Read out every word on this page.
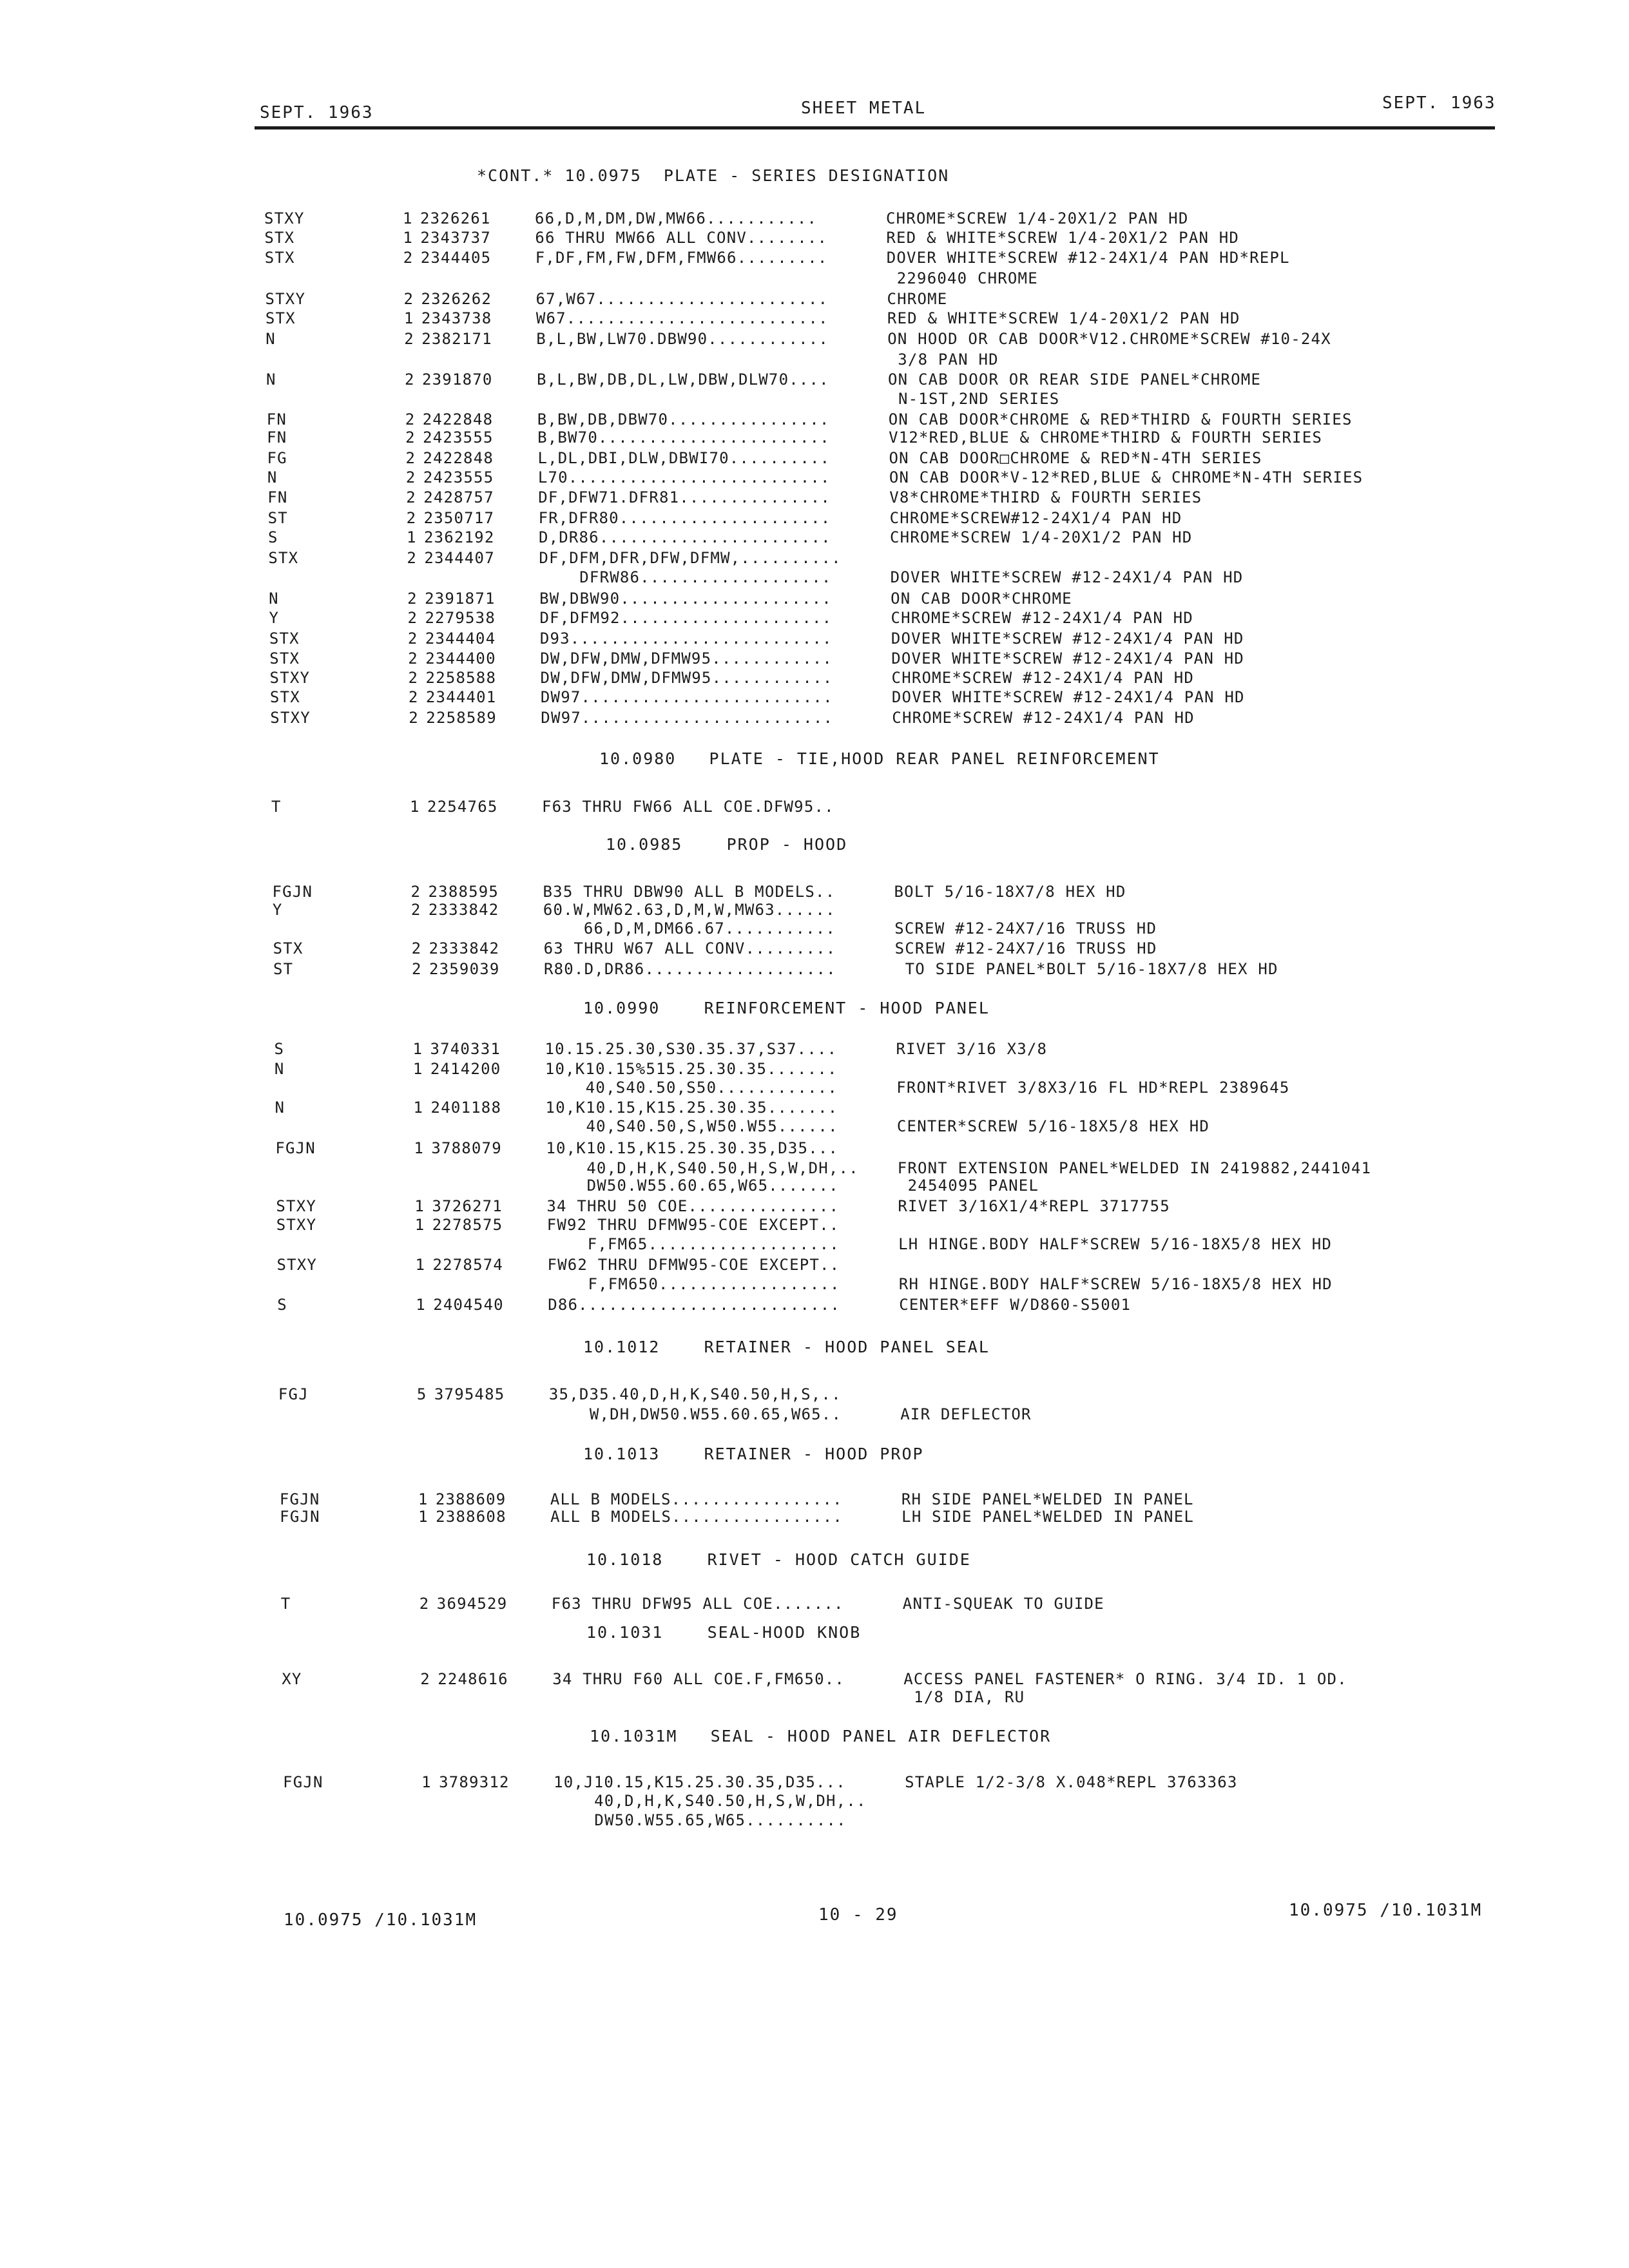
SEPT. 1963	SHEET METAL	SEPT. 1963
*CONT.* 10.0975  PLATE - SERIES DESIGNATION
STXY	1 2326261	66,D,M,DM,DW,MW66...........	CHROME*SCREW 1/4-20X1/2 PAN HD
STX	1 2343737	66 THRU MW66 ALL CONV........	RED & WHITE*SCREW 1/4-20X1/2 PAN HD
STX	2 2344405	F,DF,FM,FW,DFM,FMW66.........	DOVER WHITE*SCREW #12-24X1/4 PAN HD*REPL
2296040 CHROME
STXY	2 2326262	67,W67.......................	CHROME
STX	1 2343738	W67..........................	RED & WHITE*SCREW 1/4-20X1/2 PAN HD
N	2 2382171	B,L,BW,LW70.DBW90............	ON HOOD OR CAB DOOR*V12.CHROME*SCREW #10-24X
3/8 PAN HD
N	2 2391870	B,L,BW,DB,DL,LW,DBW,DLW70....	ON CAB DOOR OR REAR SIDE PANEL*CHROME
N-1ST,2ND SERIES
FN	2 2422848	B,BW,DB,DBW70................	ON CAB DOOR*CHROME & RED*THIRD & FOURTH SERIES
FN	2 2423555	B,BW70.......................	V12*RED,BLUE & CHROME*THIRD & FOURTH SERIES
FG	2 2422848	L,DL,DBI,DLW,DBWI70..........	ON CAB DOOR□CHROME & RED*N-4TH SERIES
N	2 2423555	L70..........................	ON CAB DOOR*V-12*RED,BLUE & CHROME*N-4TH SERIES
FN	2 2428757	DF,DFW71.DFR81...............	V8*CHROME*THIRD & FOURTH SERIES
ST	2 2350717	FR,DFR80.....................	CHROME*SCREW#12-24X1/4 PAN HD
S	1 2362192	D,DR86.......................	CHROME*SCREW 1/4-20X1/2 PAN HD
STX	2 2344407	DF,DFM,DFR,DFW,DFMW,..........
DFRW86...................	DOVER WHITE*SCREW #12-24X1/4 PAN HD
N	2 2391871	BW,DBW90.....................	ON CAB DOOR*CHROME
Y	2 2279538	DF,DFM92.....................	CHROME*SCREW #12-24X1/4 PAN HD
STX	2 2344404	D93..........................	DOVER WHITE*SCREW #12-24X1/4 PAN HD
STX	2 2344400	DW,DFW,DMW,DFMW95............	DOVER WHITE*SCREW #12-24X1/4 PAN HD
STXY	2 2258588	DW,DFW,DMW,DFMW95............	CHROME*SCREW #12-24X1/4 PAN HD
STX	2 2344401	DW97.........................	DOVER WHITE*SCREW #12-24X1/4 PAN HD
STXY	2 2258589	DW97.........................	CHROME*SCREW #12-24X1/4 PAN HD
10.0980   PLATE - TIE,HOOD REAR PANEL REINFORCEMENT
T	1 2254765	F63 THRU FW66 ALL COE.DFW95..
10.0985    PROP - HOOD
FGJN	2 2388595	B35 THRU DBW90 ALL B MODELS..	BOLT 5/16-18X7/8 HEX HD
Y	2 2333842	60.W,MW62.63,D,M,W,MW63......
66,D,M,DM66.67...........	SCREW #12-24X7/16 TRUSS HD
STX	2 2333842	63 THRU W67 ALL CONV.........	SCREW #12-24X7/16 TRUSS HD
ST	2 2359039	R80.D,DR86...................	TO SIDE PANEL*BOLT 5/16-18X7/8 HEX HD
10.0990    REINFORCEMENT - HOOD PANEL
S	1 3740331	10.15.25.30,S30.35.37,S37....	RIVET 3/16 X3/8
N	1 2414200	10,K10.15%515.25.30.35.......
40,S40.50,S50............	FRONT*RIVET 3/8X3/16 FL HD*REPL 2389645
N	1 2401188	10,K10.15,K15.25.30.35.......
40,S40.50,S,W50.W55......	CENTER*SCREW 5/16-18X5/8 HEX HD
FGJN	1 3788079	10,K10.15,K15.25.30.35,D35...
40,D,H,K,S40.50,H,S,W,DH,.. FRONT EXTENSION PANEL*WELDED IN 2419882,2441041
DW50.W55.60.65,W65.......	2454095 PANEL
STXY	1 3726271	34 THRU 50 COE...............	RIVET 3/16X1/4*REPL 3717755
STXY	1 2278575	FW92 THRU DFMW95-COE EXCEPT..
F,FM65...................	LH HINGE.BODY HALF*SCREW 5/16-18X5/8 HEX HD
STXY	1 2278574	FW62 THRU DFMW95-COE EXCEPT..
F,FM650..................	RH HINGE.BODY HALF*SCREW 5/16-18X5/8 HEX HD
S	1 2404540	D86..........................	CENTER*EFF W/D860-S5001
10.1012    RETAINER - HOOD PANEL SEAL
FGJ	5 3795485	35,D35.40,D,H,K,S40.50,H,S,..
W,DH,DW50.W55.60.65,W65..	AIR DEFLECTOR
10.1013    RETAINER - HOOD PROP
FGJN	1 2388609	ALL B MODELS.................	RH SIDE PANEL*WELDED IN PANEL
FGJN	1 2388608	ALL B MODELS.................	LH SIDE PANEL*WELDED IN PANEL
10.1018    RIVET - HOOD CATCH GUIDE
T	2 3694529	F63 THRU DFW95 ALL COE.......	ANTI-SQUEAK TO GUIDE
10.1031    SEAL-HOOD KNOB
XY	2 2248616	34 THRU F60 ALL COE.F,FM650..	ACCESS PANEL FASTENER* O RING. 3/4 ID. 1 OD.
1/8 DIA, RU
10.1031M   SEAL - HOOD PANEL AIR DEFLECTOR
FGJN	1 3789312	10,J10.15,K15.25.30.35,D35...	STAPLE 1/2-3/8 X.048*REPL 3763363
40,D,H,K,S40.50,H,S,W,DH,..
DW50.W55.65,W65..........
10.0975 /10.1031M	10 - 29	10.0975 /10.1031M
